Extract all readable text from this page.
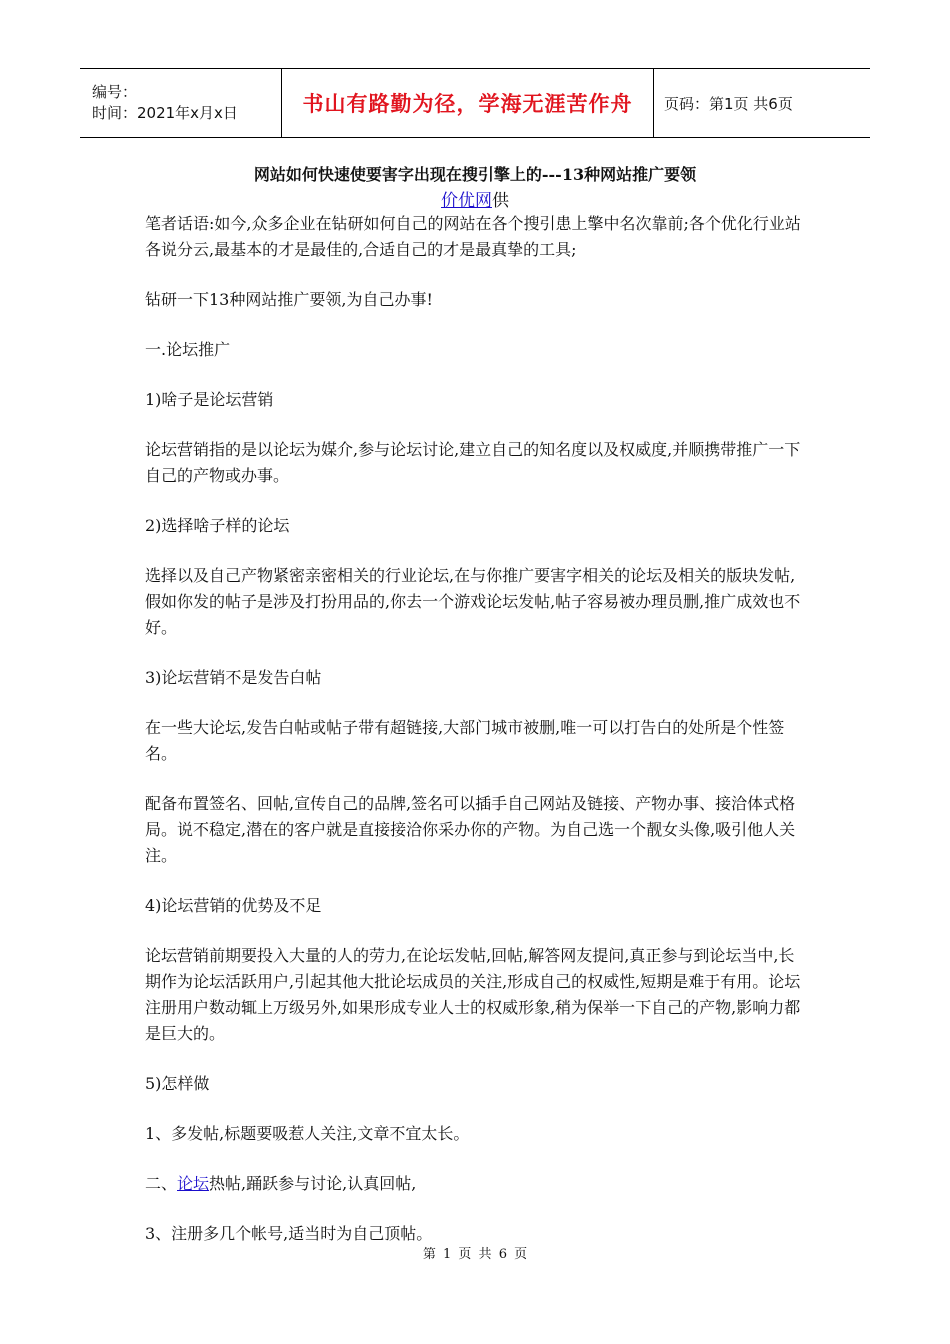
编号：
时间：2021年x月x日	书山有路勤为径，学海无涯苦作舟 页码：第1页 共6页
网站如何快速使要害字出现在搜引擎上的---13种网站推广要领
价优网供

笔者话语:如今,众多企业在钻研如何自己的网站在各个搜引患上擎中名次靠前;各个优化行业站各说分云,最基本的才是最佳的,合适自己的才是最真挚的工具;

钻研一下13种网站推广要领,为自己办事!

一.论坛推广

1)啥子是论坛营销

论坛营销指的是以论坛为媒介,参与论坛讨论,建立自己的知名度以及权威度,并顺携带推广一下自己的产物或办事。

2)选择啥子样的论坛

选择以及自己产物紧密亲密相关的行业论坛,在与你推广要害字相关的论坛及相关的版块发帖,假如你发的帖子是涉及打扮用品的,你去一个游戏论坛发帖,帖子容易被办理员删,推广成效也不好。

3)论坛营销不是发告白帖

在一些大论坛,发告白帖或帖子带有超链接,大部门城市被删,唯一可以打告白的处所是个性签名。

配备布置签名、回帖,宣传自己的品牌,签名可以插手自己网站及链接、产物办事、接洽体式格局。说不稳定,潜在的客户就是直接接洽你采办你的产物。为自己选一个靓女头像,吸引他人关注。

4)论坛营销的优势及不足

论坛营销前期要投入大量的人的劳力,在论坛发帖,回帖,解答网友提问,真正参与到论坛当中,长期作为论坛活跃用户,引起其他大批论坛成员的关注,形成自己的权威性,短期是难于有用。论坛注册用户数动辄上万级另外,如果形成专业人士的权威形象,稍为保举一下自己的产物,影响力都是巨大的。

5)怎样做

1、多发帖,标题要吸惹人关注,文章不宜太长。

二、论坛热帖,踊跃参与讨论,认真回帖,

3、注册多几个帐号,适当时为自己顶帖。

第 1 页 共 6 页
